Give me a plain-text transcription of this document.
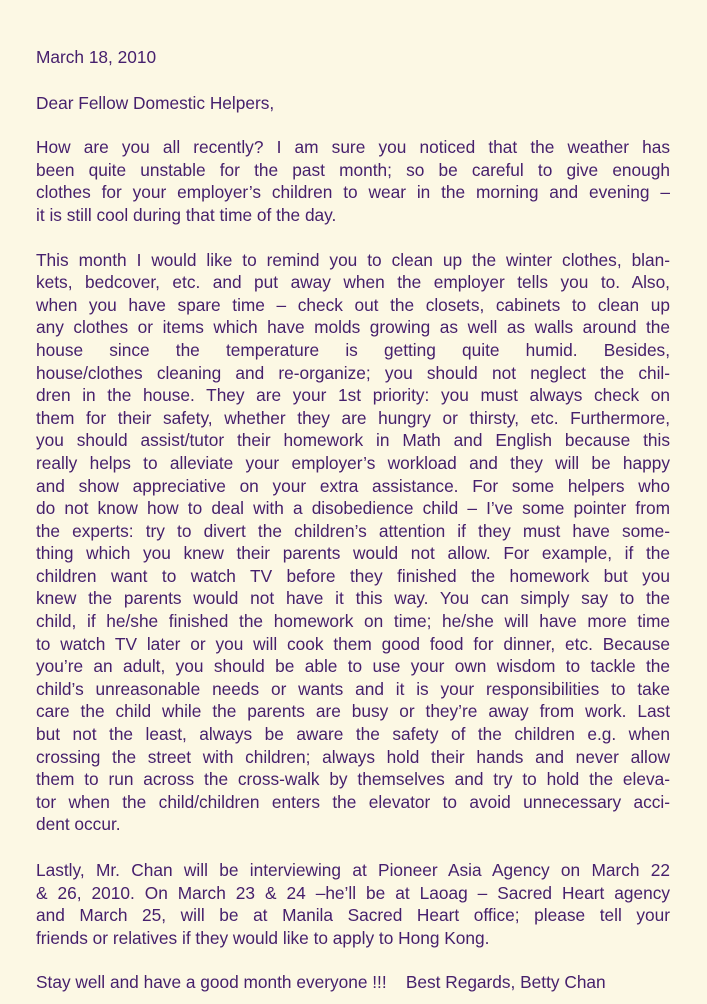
March 18, 2010
Dear Fellow Domestic Helpers,
How are you all recently? I am sure you noticed that the weather has
been quite unstable for the past month; so be careful to give enough
clothes for your employer’s children to wear in the morning and evening –
it is still cool during that time of the day.
This month I would like to remind you to clean up the winter clothes, blan-
kets, bedcover, etc. and put away when the employer tells you to. Also,
when you have spare time – check out the closets, cabinets to clean up
any clothes or items which have molds growing as well as walls around the
house since the temperature is getting quite humid. Besides,
house/clothes cleaning and re-organize; you should not neglect the chil-
dren in the house. They are your 1st priority: you must always check on
them for their safety, whether they are hungry or thirsty, etc. Furthermore,
you should assist/tutor their homework in Math and English because this
really helps to alleviate your employer’s workload and they will be happy
and show appreciative on your extra assistance. For some helpers who
do not know how to deal with a disobedience child – I’ve some pointer from
the experts: try to divert the children’s attention if they must have some-
thing which you knew their parents would not allow. For example, if the
children want to watch TV before they finished the homework but you
knew the parents would not have it this way. You can simply say to the
child, if he/she finished the homework on time; he/she will have more time
to watch TV later or you will cook them good food for dinner, etc. Because
you’re an adult, you should be able to use your own wisdom to tackle the
child’s unreasonable needs or wants and it is your responsibilities to take
care the child while the parents are busy or they’re away from work. Last
but not the least, always be aware the safety of the children e.g. when
crossing the street with children; always hold their hands and never allow
them to run across the cross-walk by themselves and try to hold the eleva-
tor when the child/children enters the elevator to avoid unnecessary acci-
dent occur.
Lastly, Mr. Chan will be interviewing at Pioneer Asia Agency on March 22
& 26, 2010. On March 23 & 24 –he’ll be at Laoag – Sacred Heart agency
and March 25, will be at Manila Sacred Heart office; please tell your
friends or relatives if they would like to apply to Hong Kong.
Stay well and have a good month everyone !!!    Best Regards, Betty Chan
